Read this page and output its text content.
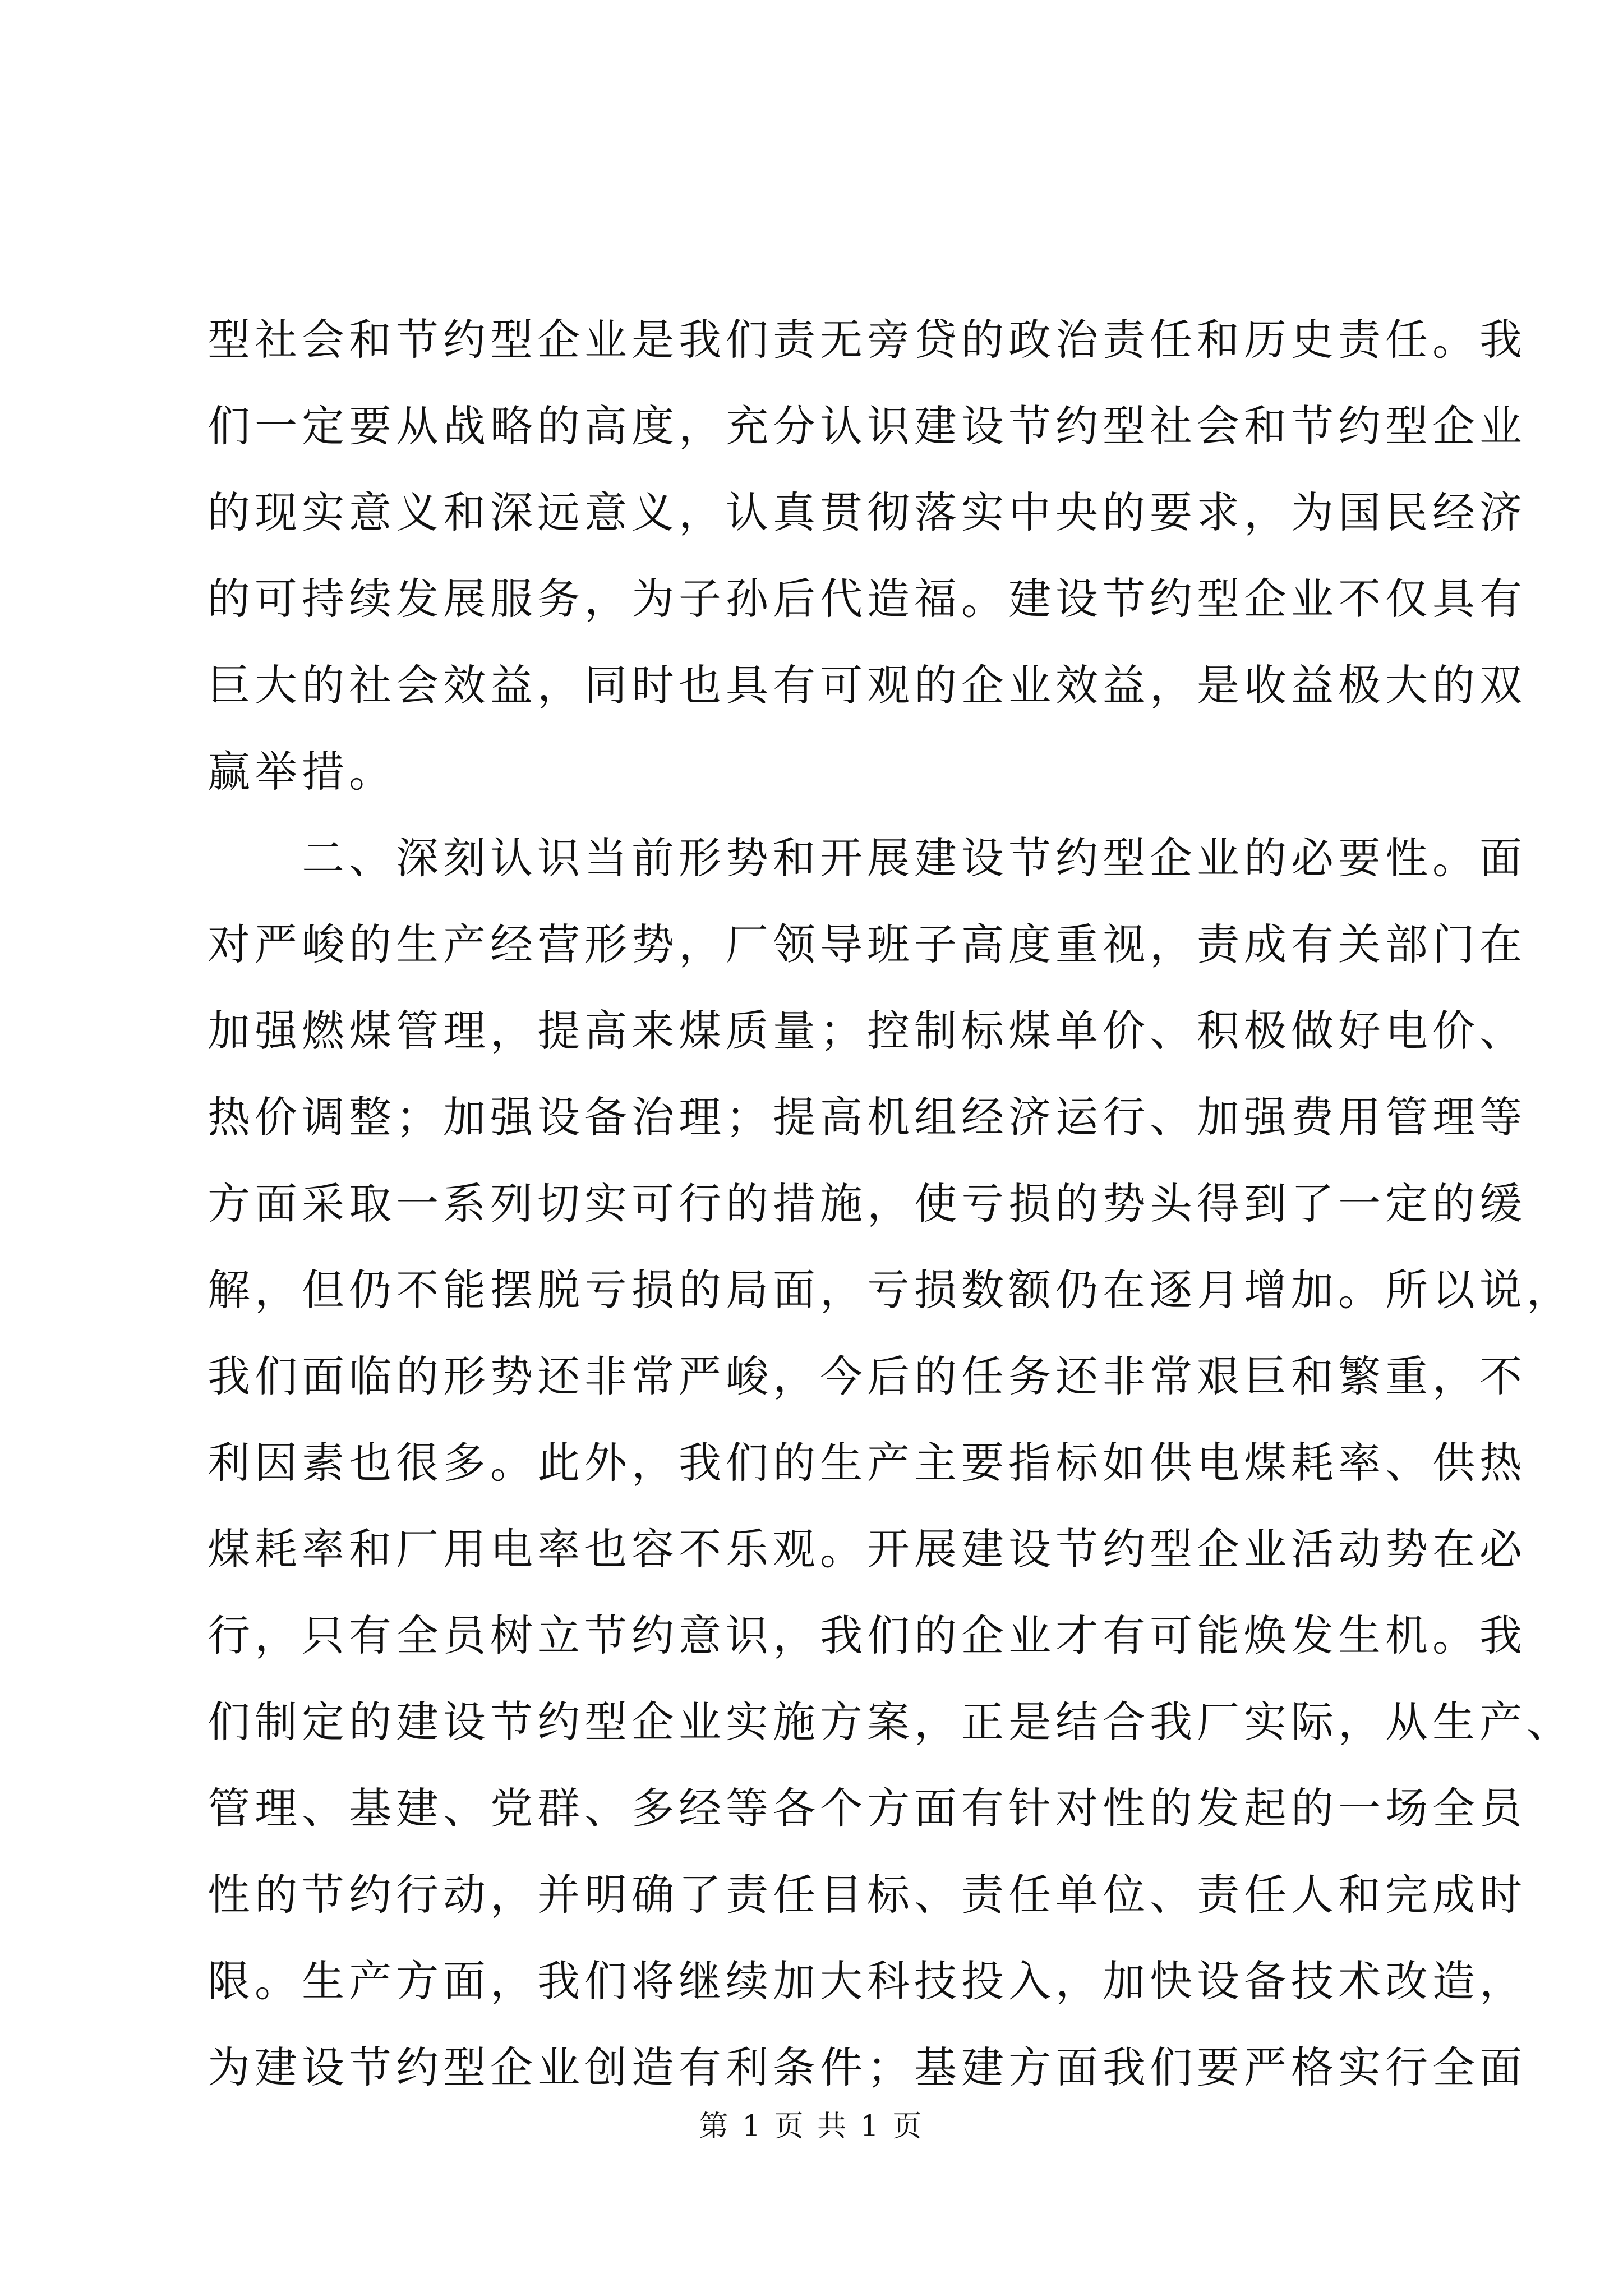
型社会和节约型企业是我们责无旁贷的政治责任和历史责任。我
们一定要从战略的高度，充分认识建设节约型社会和节约型企业
的现实意义和深远意义，认真贯彻落实中央的要求，为国民经济
的可持续发展服务，为子孙后代造福。建设节约型企业不仅具有
巨大的社会效益，同时也具有可观的企业效益，是收益极大的双
赢举措。
　　二、深刻认识当前形势和开展建设节约型企业的必要性。面
对严峻的生产经营形势，厂领导班子高度重视，责成有关部门在
加强燃煤管理，提高来煤质量；控制标煤单价、积极做好电价、
热价调整；加强设备治理；提高机组经济运行、加强费用管理等
方面采取一系列切实可行的措施，使亏损的势头得到了一定的缓
解，但仍不能摆脱亏损的局面，亏损数额仍在逐月增加。所以说，
我们面临的形势还非常严峻，今后的任务还非常艰巨和繁重，不
利因素也很多。此外，我们的生产主要指标如供电煤耗率、供热
煤耗率和厂用电率也容不乐观。开展建设节约型企业活动势在必
行，只有全员树立节约意识，我们的企业才有可能焕发生机。我
们制定的建设节约型企业实施方案，正是结合我厂实际，从生产、
管理、基建、党群、多经等各个方面有针对性的发起的一场全员
性的节约行动，并明确了责任目标、责任单位、责任人和完成时
限。生产方面，我们将继续加大科技投入，加快设备技术改造，
为建设节约型企业创造有利条件；基建方面我们要严格实行全面
第 1 页 共 1 页
